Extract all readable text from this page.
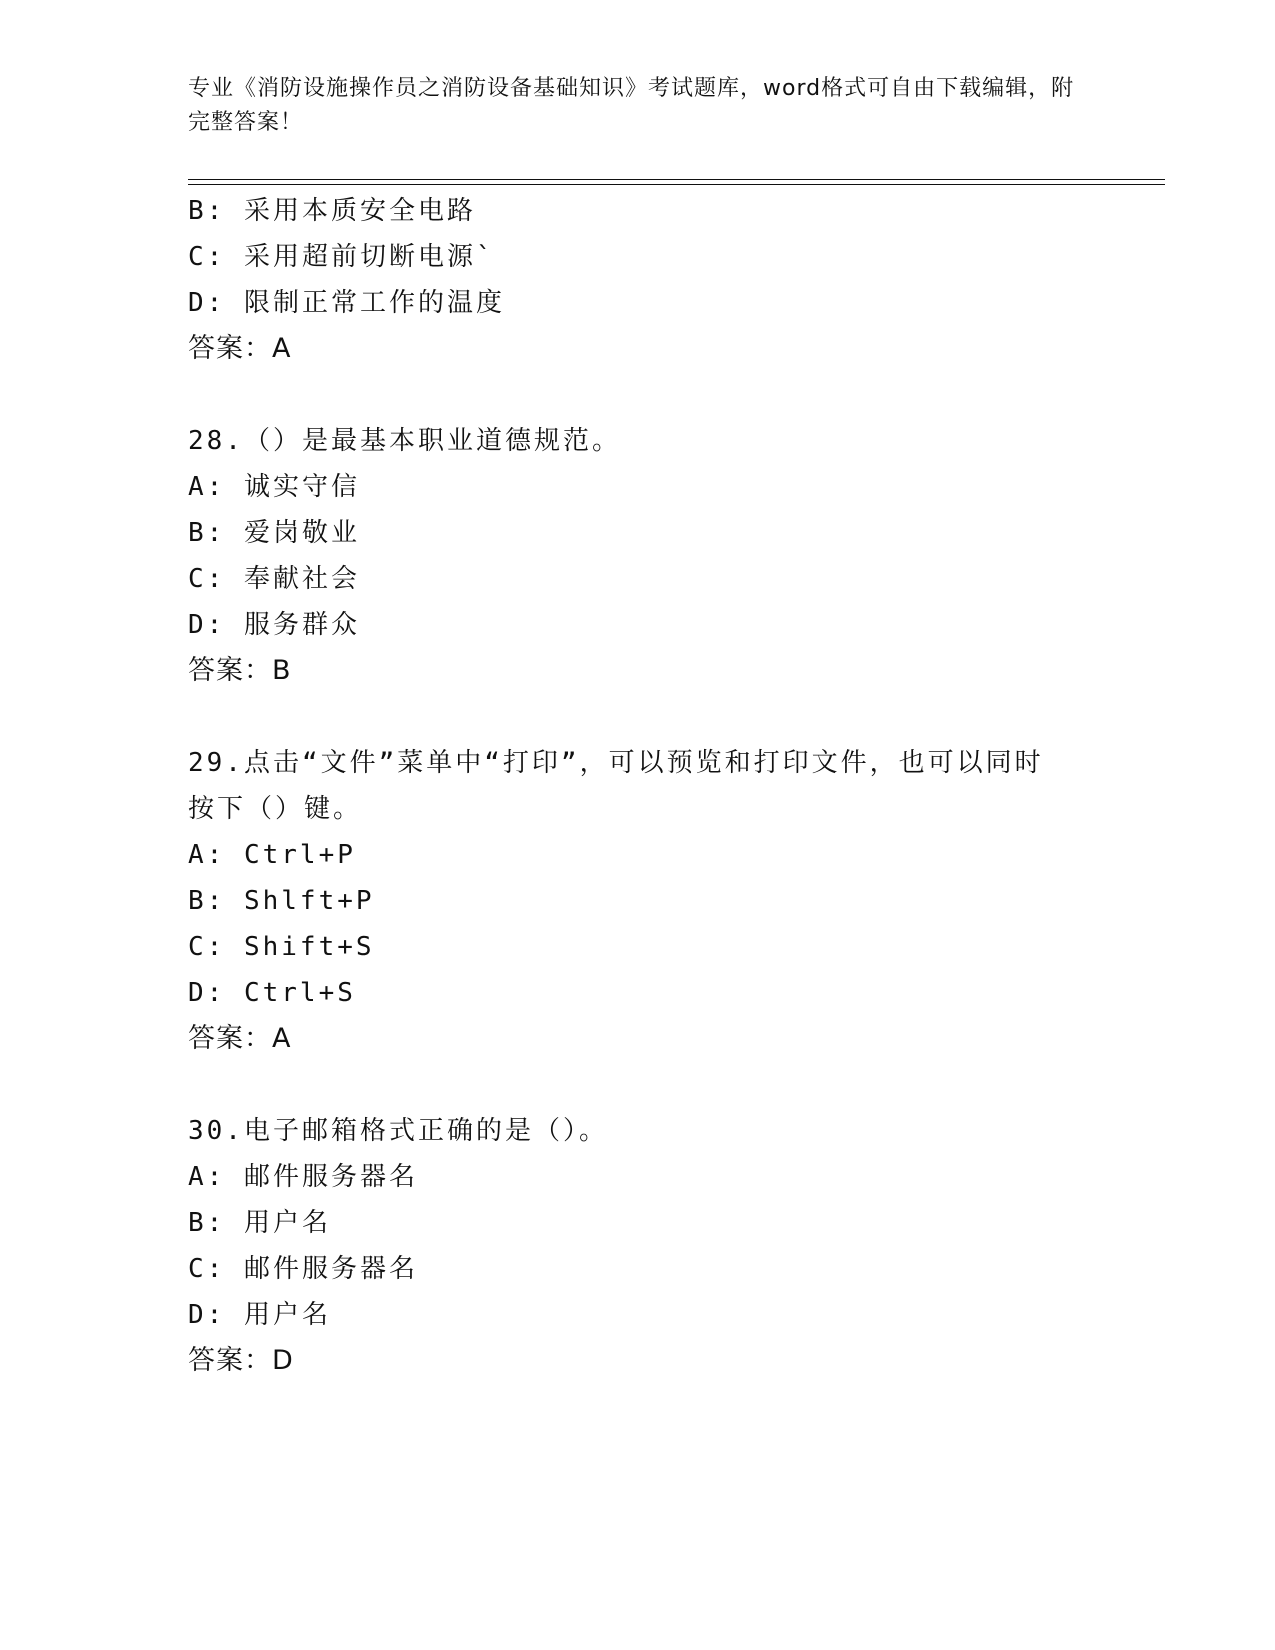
专业《消防设施操作员之消防设备基础知识》考试题库，word格式可自由下载编辑，附完整答案！
B: 采用本质安全电路
C: 采用超前切断电源`
D: 限制正常工作的温度
答案：A
28.（）是最基本职业道德规范。
A: 诚实守信
B: 爱岗敬业
C: 奉献社会
D: 服务群众
答案：B
29.点击“文件”菜单中“打印”，可以预览和打印文件，也可以同时
按下（）键。
A: Ctrl+P
B: Shlft+P
C: Shift+S
D: Ctrl+S
答案：A
30.电子邮箱格式正确的是（）。
A: 邮件服务器名
B: 用户名
C: 邮件服务器名
D: 用户名
答案：D
